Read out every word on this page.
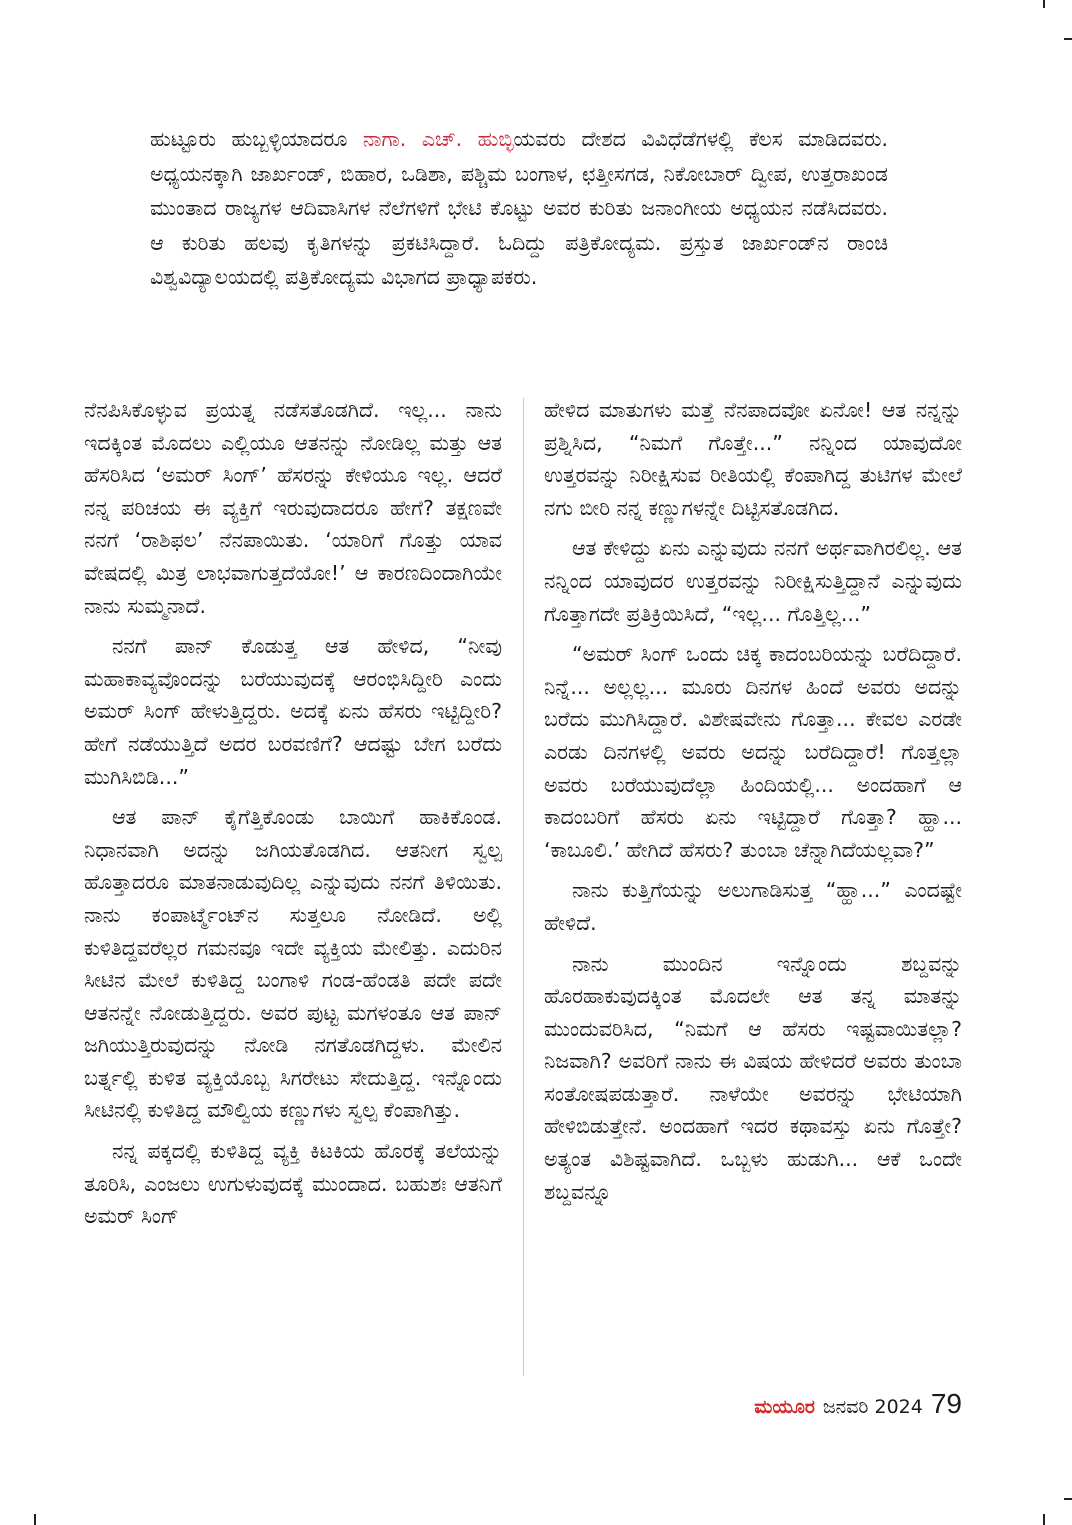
ಹುಟ್ಟೂರು ಹುಬ್ಬಳ್ಳಿಯಾದರೂ ನಾಗಾ. ಎಚ್. ಹುಬ್ಳಿಯವರು ದೇಶದ ವಿವಿಧೆಡೆಗಳಲ್ಲಿ ಕೆಲಸ ಮಾಡಿದವರು. ಅಧ್ಯಯನಕ್ಕಾಗಿ ಜಾರ್ಖಂಡ್, ಬಿಹಾರ, ಒಡಿಶಾ, ಪಶ್ಚಿಮ ಬಂಗಾಳ, ಛತ್ತೀಸಗಡ, ನಿಕೋಬಾರ್ ದ್ವೀಪ, ಉತ್ತರಾಖಂಡ ಮುಂತಾದ ರಾಜ್ಯಗಳ ಆದಿವಾಸಿಗಳ ನೆಲೆಗಳಿಗೆ ಭೇಟಿ ಕೊಟ್ಟು ಅವರ ಕುರಿತು ಜನಾಂಗೀಯ ಅಧ್ಯಯನ ನಡೆಸಿದವರು. ಆ ಕುರಿತು ಹಲವು ಕೃತಿಗಳನ್ನು ಪ್ರಕಟಿಸಿದ್ದಾರೆ. ಓದಿದ್ದು ಪತ್ರಿಕೋದ್ಯಮ. ಪ್ರಸ್ತುತ ಜಾರ್ಖಂಡ್‌ನ ರಾಂಚಿ ವಿಶ್ವವಿದ್ಯಾಲಯದಲ್ಲಿ ಪತ್ರಿಕೋದ್ಯಮ ವಿಭಾಗದ ಪ್ರಾಧ್ಯಾಪಕರು.

ನೆನಪಿಸಿಕೊಳ್ಳುವ ಪ್ರಯತ್ನ ನಡೆಸತೊಡಗಿದೆ. ಇಲ್ಲ... ನಾನು ಇದಕ್ಕಿಂತ ಮೊದಲು ಎಲ್ಲಿಯೂ ಆತನನ್ನು ನೋಡಿಲ್ಲ ಮತ್ತು ಆತ ಹೆಸರಿಸಿದ ‘ಅಮರ್ ಸಿಂಗ್’ ಹೆಸರನ್ನು ಕೇಳಿಯೂ ಇಲ್ಲ. ಆದರೆ ನನ್ನ ಪರಿಚಯ ಈ ವ್ಯಕ್ತಿಗೆ ಇರುವುದಾದರೂ ಹೇಗೆ? ತಕ್ಷಣವೇ ನನಗೆ ‘ರಾಶಿಫಲ’ ನೆನಪಾಯಿತು. ‘ಯಾರಿಗೆ ಗೊತ್ತು ಯಾವ ವೇಷದಲ್ಲಿ ಮಿತ್ರ ಲಾಭವಾಗುತ್ತದೆಯೋ!’ ಆ ಕಾರಣದಿಂದಾಗಿಯೇ ನಾನು ಸುಮ್ಮನಾದೆ.

ನನಗೆ ಪಾನ್ ಕೊಡುತ್ತ ಆತ ಹೇಳಿದ, “ನೀವು ಮಹಾಕಾವ್ಯವೊಂದನ್ನು ಬರೆಯುವುದಕ್ಕೆ ಆರಂಭಿಸಿದ್ದೀರಿ ಎಂದು ಅಮರ್ ಸಿಂಗ್ ಹೇಳುತ್ತಿದ್ದರು. ಅದಕ್ಕೆ ಏನು ಹೆಸರು ಇಟ್ಟಿದ್ದೀರಿ? ಹೇಗೆ ನಡೆಯುತ್ತಿದೆ ಅದರ ಬರವಣಿಗೆ? ಆದಷ್ಟು ಬೇಗ ಬರೆದು ಮುಗಿಸಿಬಿಡಿ...”

ಆತ ಪಾನ್ ಕೈಗೆತ್ತಿಕೊಂಡು ಬಾಯಿಗೆ ಹಾಕಿಕೊಂಡ. ನಿಧಾನವಾಗಿ ಅದನ್ನು ಜಗಿಯತೊಡಗಿದ. ಆತನೀಗ ಸ್ವಲ್ಪ ಹೊತ್ತಾದರೂ ಮಾತನಾಡುವುದಿಲ್ಲ ಎನ್ನುವುದು ನನಗೆ ತಿಳಿಯಿತು. ನಾನು ಕಂಪಾರ್ಟ್ಮೆಂಟ್‌ನ ಸುತ್ತಲೂ ನೋಡಿದೆ. ಅಲ್ಲಿ ಕುಳಿತಿದ್ದವರೆಲ್ಲರ ಗಮನವೂ ಇದೇ ವ್ಯಕ್ತಿಯ ಮೇಲಿತ್ತು. ಎದುರಿನ ಸೀಟಿನ ಮೇಲೆ ಕುಳಿತಿದ್ದ ಬಂಗಾಳಿ ಗಂಡ-ಹೆಂಡತಿ ಪದೇ ಪದೇ ಆತನನ್ನೇ ನೋಡುತ್ತಿದ್ದರು. ಅವರ ಪುಟ್ಟ ಮಗಳಂತೂ ಆತ ಪಾನ್ ಜಗಿಯುತ್ತಿರುವುದನ್ನು ನೋಡಿ ನಗತೊಡಗಿದ್ದಳು. ಮೇಲಿನ ಬರ್ತ್ನಲ್ಲಿ ಕುಳಿತ ವ್ಯಕ್ತಿಯೊಬ್ಬ ಸಿಗರೇಟು ಸೇದುತ್ತಿದ್ದ. ಇನ್ನೊಂದು ಸೀಟಿನಲ್ಲಿ ಕುಳಿತಿದ್ದ ಮೌಲ್ವಿಯ ಕಣ್ಣುಗಳು ಸ್ವಲ್ಪ ಕೆಂಪಾಗಿತ್ತು.

ನನ್ನ ಪಕ್ಕದಲ್ಲಿ ಕುಳಿತಿದ್ದ ವ್ಯಕ್ತಿ ಕಿಟಕಿಯ ಹೊರಕ್ಕೆ ತಲೆಯನ್ನು ತೂರಿಸಿ, ಎಂಜಲು ಉಗುಳುವುದಕ್ಕೆ ಮುಂದಾದ. ಬಹುಶಃ ಆತನಿಗೆ ಅಮರ್ ಸಿಂಗ್

ಹೇಳಿದ ಮಾತುಗಳು ಮತ್ತೆ ನೆನಪಾದವೋ ಏನೋ! ಆತ ನನ್ನನ್ನು ಪ್ರಶ್ನಿಸಿದ, “ನಿಮಗೆ ಗೊತ್ತೇ...” ನನ್ನಿಂದ ಯಾವುದೋ ಉತ್ತರವನ್ನು ನಿರೀಕ್ಷಿಸುವ ರೀತಿಯಲ್ಲಿ ಕೆಂಪಾಗಿದ್ದ ತುಟಿಗಳ ಮೇಲೆ ನಗು ಬೀರಿ ನನ್ನ ಕಣ್ಣುಗಳನ್ನೇ ದಿಟ್ಟಿಸತೊಡಗಿದ.

ಆತ ಕೇಳಿದ್ದು ಏನು ಎನ್ನುವುದು ನನಗೆ ಅರ್ಥವಾಗಿರಲಿಲ್ಲ. ಆತ ನನ್ನಿಂದ ಯಾವುದರ ಉತ್ತರವನ್ನು ನಿರೀಕ್ಷಿಸುತ್ತಿದ್ದಾನೆ ಎನ್ನುವುದು ಗೊತ್ತಾಗದೇ ಪ್ರತಿಕ್ರಿಯಿಸಿದೆ, “ಇಲ್ಲ... ಗೊತ್ತಿಲ್ಲ...”

“ಅಮರ್ ಸಿಂಗ್ ಒಂದು ಚಿಕ್ಕ ಕಾದಂಬರಿಯನ್ನು ಬರೆದಿದ್ದಾರೆ. ನಿನ್ನೆ... ಅಲ್ಲಲ್ಲ... ಮೂರು ದಿನಗಳ ಹಿಂದೆ ಅವರು ಅದನ್ನು ಬರೆದು ಮುಗಿಸಿದ್ದಾರೆ. ವಿಶೇಷವೇನು ಗೊತ್ತಾ... ಕೇವಲ ಎರಡೇ ಎರಡು ದಿನಗಳಲ್ಲಿ ಅವರು ಅದನ್ನು ಬರೆದಿದ್ದಾರೆ! ಗೊತ್ತಲ್ಲಾ ಅವರು ಬರೆಯುವುದೆಲ್ಲಾ ಹಿಂದಿಯಲ್ಲಿ... ಅಂದಹಾಗೆ ಆ ಕಾದಂಬರಿಗೆ ಹೆಸರು ಏನು ಇಟ್ಟಿದ್ದಾರೆ ಗೊತ್ತಾ? ಹ್ಹಾ... ‘ಕಾಬೂಲಿ.’ ಹೇಗಿದೆ ಹೆಸರು? ತುಂಬಾ ಚೆನ್ನಾಗಿದೆಯಲ್ಲವಾ?”

ನಾನು ಕುತ್ತಿಗೆಯನ್ನು ಅಲುಗಾಡಿಸುತ್ತ “ಹ್ಹಾ...” ಎಂದಷ್ಟೇ ಹೇಳಿದೆ.

ನಾನು ಮುಂದಿನ ಇನ್ನೊಂದು ಶಬ್ದವನ್ನು ಹೊರಹಾಕುವುದಕ್ಕಿಂತ ಮೊದಲೇ ಆತ ತನ್ನ ಮಾತನ್ನು ಮುಂದುವರಿಸಿದ, “ನಿಮಗೆ ಆ ಹೆಸರು ಇಷ್ಟವಾಯಿತಲ್ಲಾ? ನಿಜವಾಗಿ? ಅವರಿಗೆ ನಾನು ಈ ವಿಷಯ ಹೇಳಿದರೆ ಅವರು ತುಂಬಾ ಸಂತೋಷಪಡುತ್ತಾರೆ. ನಾಳೆಯೇ ಅವರನ್ನು ಭೇಟಿಯಾಗಿ ಹೇಳಿಬಿಡುತ್ತೇನೆ. ಅಂದಹಾಗೆ ಇದರ ಕಥಾವಸ್ತು ಏನು ಗೊತ್ತೇ? ಅತ್ಯಂತ ವಿಶಿಷ್ಟವಾಗಿದೆ. ಒಬ್ಬಳು ಹುಡುಗಿ... ಆಕೆ ಒಂದೇ ಶಬ್ದವನ್ನೂ

ಮಯೂರ ಜನವರಿ 2024 79
